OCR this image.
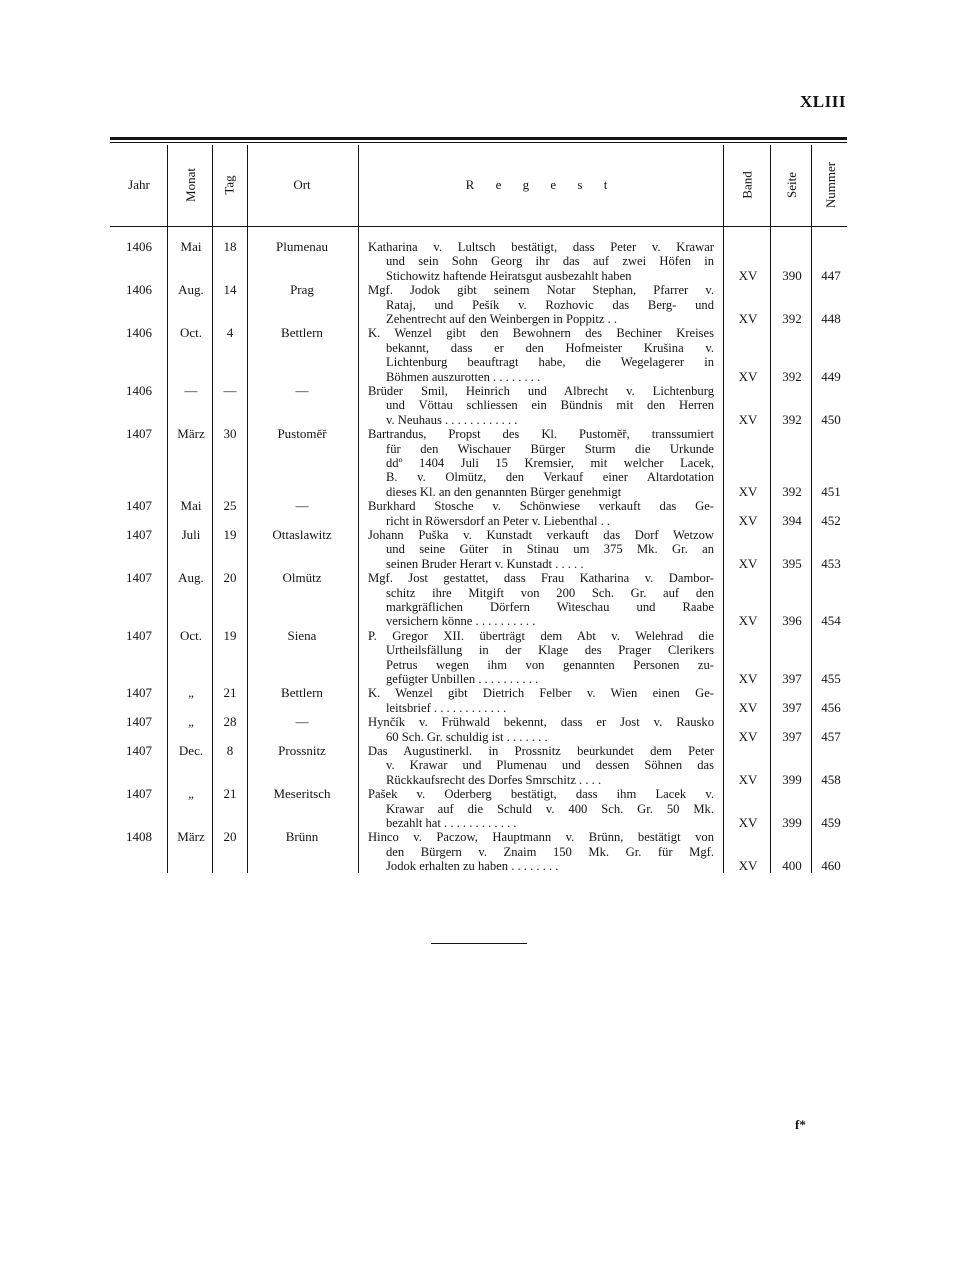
XLIII
Jahr	Monat Tag	Ort	R e g e s t	Band Seite Nummer
1406	Mai	18	Plumenau	Katharina v. Lultsch bestätigt, dass Peter v. Krawar
und sein Sohn Georg ihr das auf zwei Höfen in
Stichowitz haftende Heiratsgut ausbezahlt haben	XV	390	447
1406	Aug.	14	Prag	Mgf. Jodok gibt seinem Notar Stephan, Pfarrer v.
Rataj, und Pešík v. Rozhovic das Berg- und
Zehentrecht auf den Weinbergen in Poppitz . .	XV	392	448
1406	Oct.	4	Bettlern	K. Wenzel gibt den Bewohnern des Bechiner Kreises
bekannt, dass er den Hofmeister Krušina v.
Lichtenburg beauftragt habe, die Wegelagerer in
Böhmen auszurotten . . . . . . . .	XV	392	449
1406	—	—	—	Brüder Smil, Heinrich und Albrecht v. Lichtenburg
und Vöttau schliessen ein Bündnis mit den Herren
v. Neuhaus . . . . . . . . . . . .	XV	392	450
1407	März	30	Pustoměř	Bartrandus, Propst des Kl. Pustoměř, transsumiert
für den Wischauer Bürger Sturm die Urkunde
ddº 1404 Juli 15 Kremsier, mit welcher Lacek,
B. v. Olmütz, den Verkauf einer Altardotation
dieses Kl. an den genannten Bürger genehmigt	XV	392	451
1407	Mai	25	—	Burkhard Stosche v. Schönwiese verkauft das Ge-
richt in Röwersdorf an Peter v. Liebenthal . .	XV	394	452
1407	Juli	19	Ottaslawitz	Johann Puška v. Kunstadt verkauft das Dorf Wetzow
und seine Güter in Stinau um 375 Mk. Gr. an
seinen Bruder Herart v. Kunstadt . . . . .	XV	395	453
1407	Aug.	20	Olmütz	Mgf. Jost gestattet, dass Frau Katharina v. Dambor-
schitz ihre Mitgift von 200 Sch. Gr. auf den
markgräflichen Dörfern Witeschau und Raabe
versichern könne . . . . . . . . . .	XV	396	454
1407	Oct.	19	Siena	P. Gregor XII. überträgt dem Abt v. Welehrad die
Urtheilsfällung in der Klage des Prager Clerikers
Petrus wegen ihm von genannten Personen zu-
gefügter Unbillen . . . . . . . . . .	XV	397	455
1407	„	21	Bettlern	K. Wenzel gibt Dietrich Felber v. Wien einen Ge-
leitsbrief . . . . . . . . . . . .	XV	397	456
1407	„	28	—	Hynčík v. Frühwald bekennt, dass er Jost v. Rausko
60 Sch. Gr. schuldig ist . . . . . . .	XV	397	457
1407	Dec.	8	Prossnitz	Das Augustinerkl. in Prossnitz beurkundet dem Peter
v. Krawar und Plumenau und dessen Söhnen das
Rückkaufsrecht des Dorfes Smrschitz . . . .	XV	399	458
1407	„	21	Meseritsch	Pašek v. Oderberg bestätigt, dass ihm Lacek v.
Krawar auf die Schuld v. 400 Sch. Gr. 50 Mk.
bezahlt hat . . . . . . . . . . . .	XV	399	459
1408	März	20	Brünn	Hinco v. Paczow, Hauptmann v. Brünn, bestätigt von
den Bürgern v. Znaim 150 Mk. Gr. für Mgf.
Jodok erhalten zu haben . . . . . . . .	XV	400	460
f*
